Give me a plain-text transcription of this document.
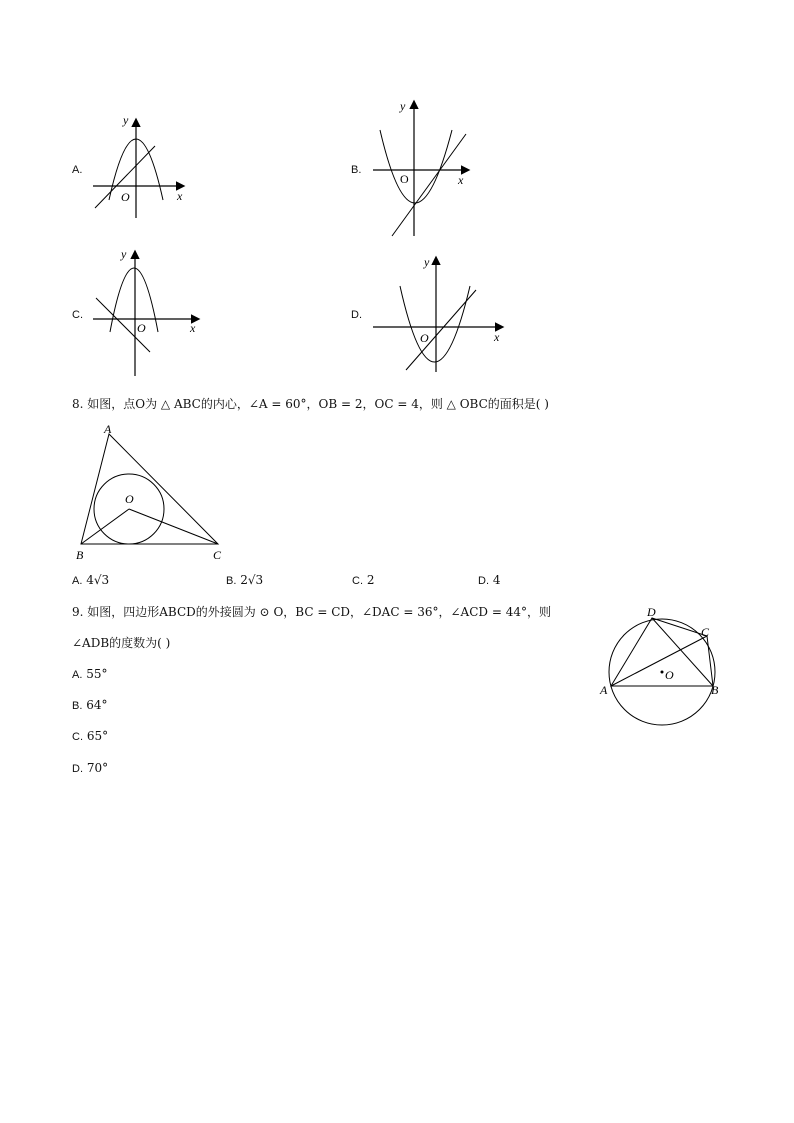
A.
y
x
O
B.
y
x
O
C.
y
x
O
D.
y
x
O
8. 如图，点O为 △ ABC的内心，∠A = 60°，OB = 2，OC = 4，则 △ OBC的面积是( )
A
B	C
O
A. 4√3	B. 2√3	C. 2	D. 4
9. 如图，四边形ABCD的外接圆为 ⊙ O，BC = CD，∠DAC = 36°，∠ACD = 44°，则
∠ADB的度数为( )
A	B
C
D
O
A. 55°
B. 64°
C. 65°
D. 70°
